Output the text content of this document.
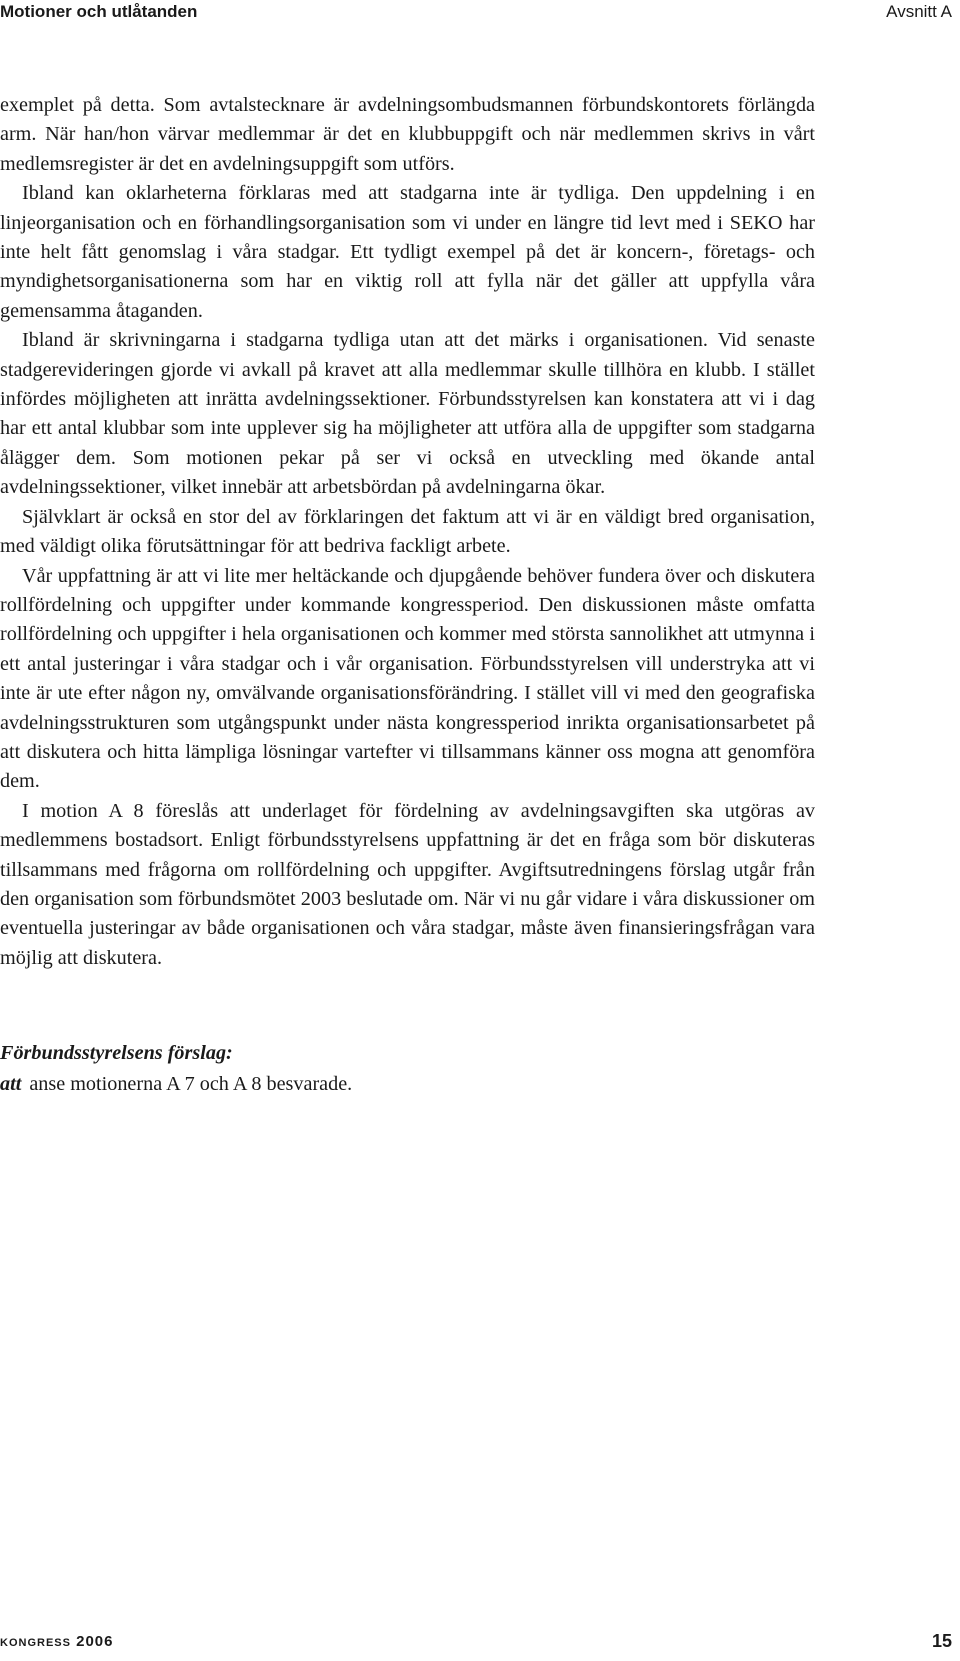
Motioner och utlåtanden	Avsnitt A

exemplet på detta. Som avtalstecknare är avdelningsombudsmannen förbundskontorets förlängda arm. När han/hon värvar medlemmar är det en klubbuppgift och när medlemmen skrivs in vårt medlemsregister är det en avdelningsuppgift som utförs.

Ibland kan oklarheterna förklaras med att stadgarna inte är tydliga. Den uppdelning i en linjeorganisation och en förhandlingsorganisation som vi under en längre tid levt med i SEKO har inte helt fått genomslag i våra stadgar. Ett tydligt exempel på det är koncern-, företags- och myndighetsorganisationerna som har en viktig roll att fylla när det gäller att uppfylla våra gemensamma åtaganden.

Ibland är skrivningarna i stadgarna tydliga utan att det märks i organisationen. Vid senaste stadgerevideringen gjorde vi avkall på kravet att alla medlemmar skulle tillhöra en klubb. I stället infördes möjligheten att inrätta avdelningssektioner. Förbundsstyrelsen kan konstatera att vi i dag har ett antal klubbar som inte upplever sig ha möjligheter att utföra alla de uppgifter som stadgarna ålägger dem. Som motionen pekar på ser vi också en utveckling med ökande antal avdelningssektioner, vilket innebär att arbetsbördan på avdelningarna ökar.

Självklart är också en stor del av förklaringen det faktum att vi är en väldigt bred organisation, med väldigt olika förutsättningar för att bedriva fackligt arbete.

Vår uppfattning är att vi lite mer heltäckande och djupgående behöver fundera över och diskutera rollfördelning och uppgifter under kommande kongressperiod. Den diskussionen måste omfatta rollfördelning och uppgifter i hela organisationen och kommer med största sannolikhet att utmynna i ett antal justeringar i våra stadgar och i vår organisation. Förbundsstyrelsen vill understryka att vi inte är ute efter någon ny, omvälvande organisationsförändring. I stället vill vi med den geografiska avdelningsstrukturen som utgångspunkt under nästa kongressperiod inrikta organisationsarbetet på att diskutera och hitta lämpliga lösningar vartefter vi tillsammans känner oss mogna att genomföra dem.

I motion A 8 föreslås att underlaget för fördelning av avdelningsavgiften ska utgöras av medlemmens bostadsort. Enligt förbundsstyrelsens uppfattning är det en fråga som bör diskuteras tillsammans med frågorna om rollfördelning och uppgifter. Avgiftsutredningens förslag utgår från den organisation som förbundsmötet 2003 beslutade om. När vi nu går vidare i våra diskussioner om eventuella justeringar av både organisationen och våra stadgar, måste även finansieringsfrågan vara möjlig att diskutera.

Förbundsstyrelsens förslag:

att anse motionerna A 7 och A 8 besvarade.

kongress 2006	15
